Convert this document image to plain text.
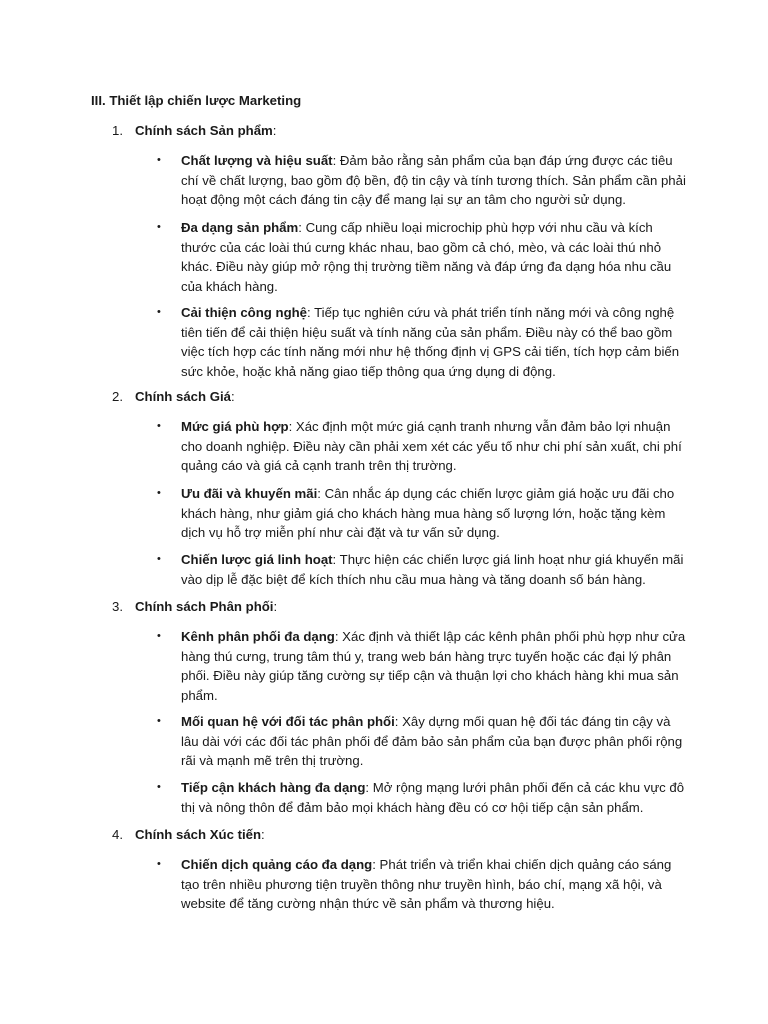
III. Thiết lập chiến lược Marketing
1. Chính sách Sản phẩm:
• Chất lượng và hiệu suất: Đảm bảo rằng sản phẩm của bạn đáp ứng được các tiêu chí về chất lượng, bao gồm độ bền, độ tin cậy và tính tương thích. Sản phẩm cần phải hoạt động một cách đáng tin cậy để mang lại sự an tâm cho người sử dụng.
• Đa dạng sản phẩm: Cung cấp nhiều loại microchip phù hợp với nhu cầu và kích thước của các loài thú cưng khác nhau, bao gồm cả chó, mèo, và các loài thú nhỏ khác. Điều này giúp mở rộng thị trường tiềm năng và đáp ứng đa dạng hóa nhu cầu của khách hàng.
• Cải thiện công nghệ: Tiếp tục nghiên cứu và phát triển tính năng mới và công nghệ tiên tiến để cải thiện hiệu suất và tính năng của sản phẩm. Điều này có thể bao gồm việc tích hợp các tính năng mới như hệ thống định vị GPS cải tiến, tích hợp cảm biến sức khỏe, hoặc khả năng giao tiếp thông qua ứng dụng di động.
2. Chính sách Giá:
• Mức giá phù hợp: Xác định một mức giá cạnh tranh nhưng vẫn đảm bảo lợi nhuận cho doanh nghiệp. Điều này cần phải xem xét các yếu tố như chi phí sản xuất, chi phí quảng cáo và giá cả cạnh tranh trên thị trường.
• Ưu đãi và khuyến mãi: Cân nhắc áp dụng các chiến lược giảm giá hoặc ưu đãi cho khách hàng, như giảm giá cho khách hàng mua hàng số lượng lớn, hoặc tặng kèm dịch vụ hỗ trợ miễn phí như cài đặt và tư vấn sử dụng.
• Chiến lược giá linh hoạt: Thực hiện các chiến lược giá linh hoạt như giá khuyến mãi vào dịp lễ đặc biệt để kích thích nhu cầu mua hàng và tăng doanh số bán hàng.
3. Chính sách Phân phối:
• Kênh phân phối đa dạng: Xác định và thiết lập các kênh phân phối phù hợp như cửa hàng thú cưng, trung tâm thú y, trang web bán hàng trực tuyến hoặc các đại lý phân phối. Điều này giúp tăng cường sự tiếp cận và thuận lợi cho khách hàng khi mua sản phẩm.
• Mối quan hệ với đối tác phân phối: Xây dựng mối quan hệ đối tác đáng tin cậy và lâu dài với các đối tác phân phối để đảm bảo sản phẩm của bạn được phân phối rộng rãi và mạnh mẽ trên thị trường.
• Tiếp cận khách hàng đa dạng: Mở rộng mạng lưới phân phối đến cả các khu vực đô thị và nông thôn để đảm bảo mọi khách hàng đều có cơ hội tiếp cận sản phẩm.
4. Chính sách Xúc tiến:
• Chiến dịch quảng cáo đa dạng: Phát triển và triển khai chiến dịch quảng cáo sáng tạo trên nhiều phương tiện truyền thông như truyền hình, báo chí, mạng xã hội, và website để tăng cường nhận thức về sản phẩm và thương hiệu.
